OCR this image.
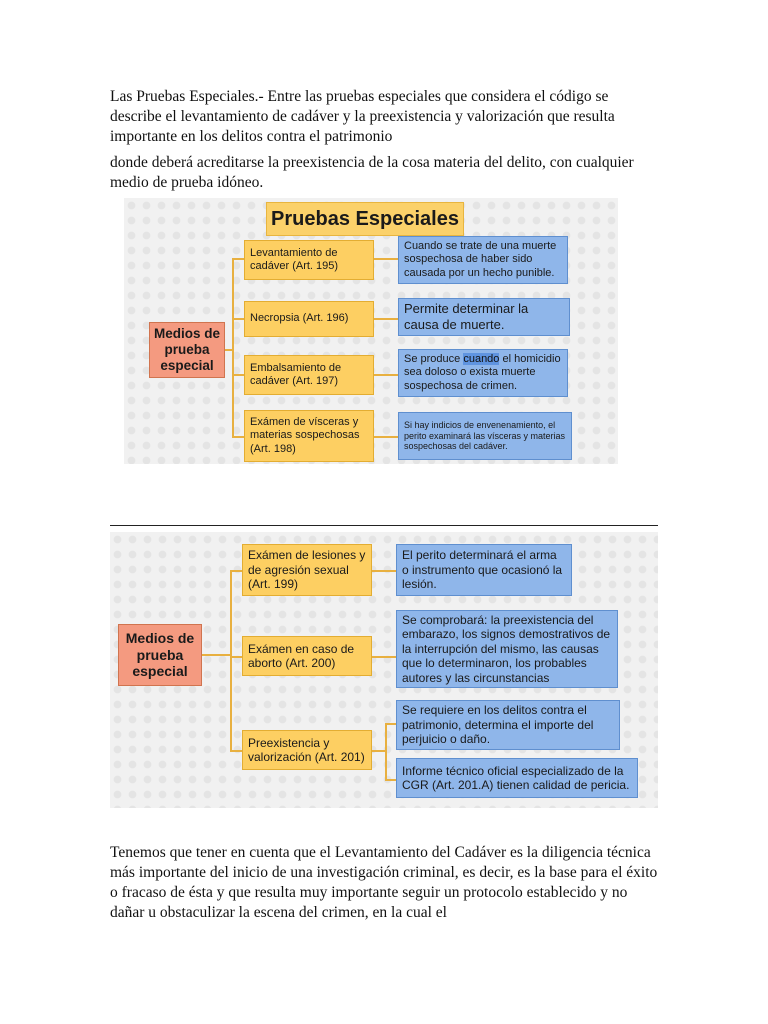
Las Pruebas Especiales.- Entre las pruebas especiales que considera el código se describe el levantamiento de cadáver y la preexistencia y valorización que resulta importante en los delitos contra el patrimonio

donde deberá acreditarse la preexistencia de la cosa materia del delito, con cualquier medio de prueba idóneo.

Pruebas Especiales
Medios de prueba especial
Levantamiento de cadáver (Art. 195)
Necropsia (Art. 196)
Embalsamiento de cadáver (Art. 197)
Exámen de vísceras y materias sospechosas (Art. 198)
Cuando se trate de una muerte sospechosa de haber sido causada por un hecho punible.
Permite determinar la causa de muerte.
Se produce cuando el homicidio sea doloso o exista muerte sospechosa de crimen.
Si hay indicios de envenenamiento, el perito examinará las vísceras y materias sospechosas del cadáver.
Medios de prueba especial
Exámen de lesiones y de agresión sexual (Art. 199)
Exámen en caso de aborto (Art. 200)
Preexistencia y valorización (Art. 201)
El perito determinará el arma o instrumento que ocasionó la lesión.
Se comprobará: la preexistencia del embarazo, los signos demostrativos de la interrupción del mismo, las causas que lo determinaron, los probables autores y las circunstancias
Se requiere en los delitos contra el patrimonio, determina el importe del perjuicio o daño.
Informe técnico oficial especializado de la CGR (Art. 201.A) tienen calidad de pericia.

Tenemos que tener en cuenta que el Levantamiento del Cadáver es la diligencia técnica más importante del inicio de una investigación criminal, es decir, es la base para el éxito o fracaso de ésta y que resulta muy importante seguir un protocolo establecido y no dañar u obstaculizar la escena del crimen, en la cual el
